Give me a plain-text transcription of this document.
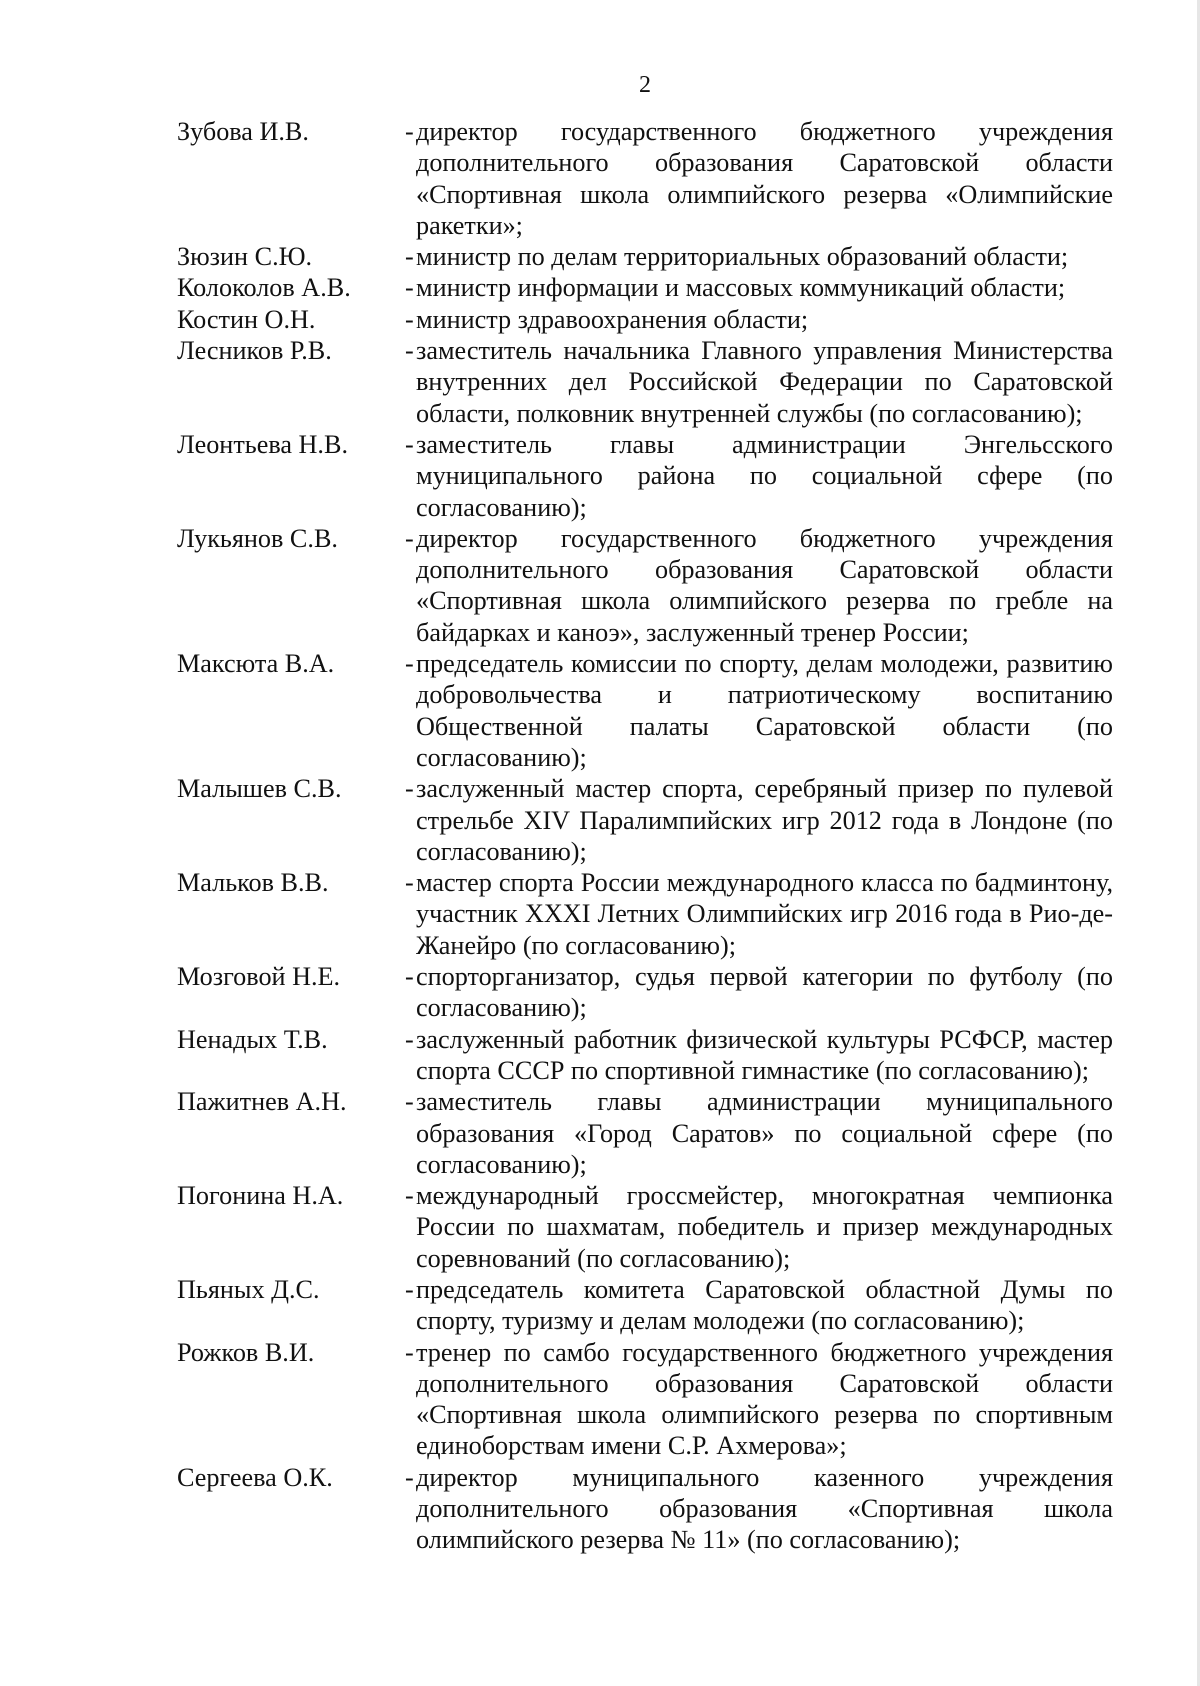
2
Зубова И.В.	- директор государственного бюджетного учреждения дополнительного образования Саратовской области «Спортивная школа олимпийского резерва «Олимпийские ракетки»;
Зюзин С.Ю.	- министр по делам территориальных образований области;
Колоколов А.В.	- министр информации и массовых коммуникаций области;
Костин О.Н.	- министр здравоохранения области;
Лесников Р.В.	- заместитель начальника Главного управления Министерства внутренних дел Российской Федерации по Саратовской области, полковник внутренней службы (по согласованию);
Леонтьева Н.В.	- заместитель главы администрации Энгельсского муниципального района по социальной сфере (по согласованию);
Лукьянов С.В.	- директор государственного бюджетного учреждения дополнительного образования Саратовской области «Спортивная школа олимпийского резерва по гребле на байдарках и каноэ», заслуженный тренер России;
Максюта В.А.	- председатель комиссии по спорту, делам молодежи, развитию добровольчества и патриотическому воспитанию Общественной палаты Саратовской области (по согласованию);
Малышев С.В.	- заслуженный мастер спорта, серебряный призер по пулевой стрельбе XIV Паралимпийских игр 2012 года в Лондоне (по согласованию);
Мальков В.В.	- мастер спорта России международного класса по бадминтону, участник XXXI Летних Олимпийских игр 2016 года в Рио-де-Жанейро (по согласованию);
Мозговой Н.Е.	- спорторганизатор, судья первой категории по футболу (по согласованию);
Ненадых Т.В.	- заслуженный работник физической культуры РСФСР, мастер спорта СССР по спортивной гимнастике (по согласованию);
Пажитнев А.Н.	- заместитель главы администрации муниципального образования «Город Саратов» по социальной сфере (по согласованию);
Погонина Н.А.	- международный гроссмейстер, многократная чемпионка России по шахматам, победитель и призер международных соревнований (по согласованию);
Пьяных Д.С.	- председатель комитета Саратовской областной Думы по спорту, туризму и делам молодежи (по согласованию);
Рожков В.И.	- тренер по самбо государственного бюджетного учреждения дополнительного образования Саратовской области «Спортивная школа олимпийского резерва по спортивным единоборствам имени С.Р. Ахмерова»;
Сергеева О.К.	- директор муниципального казенного учреждения дополнительного образования «Спортивная школа олимпийского резерва № 11» (по согласованию);
